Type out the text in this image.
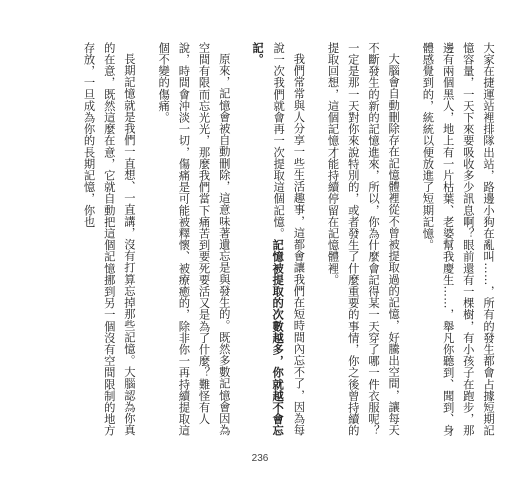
大家在捷運站裡排隊出站，路邊小狗在亂叫……，所有的發生都會占據短期記憶容量，一天下來要吸收多少訊息啊？眼前還有一棵樹，有小孩子在跑步，那邊有兩個黑人，地上有一片枯葉、老婆幫我慶生……，舉凡你聽到、聞到、身體感覺到的，統統以便放進了短期記憶。

大腦會自動刪除存在記憶體裡從不曾被提取過的記憶，好騰出空間，讓每天不斷發生的新的記憶進來，所以，你為什麼會記得某一天穿了哪一件衣服呢？一定是那一天對你來說特別的，或者發生了什麼重要的事情，你之後曾持續的提取回想，這個記憶才能持續停留在記憶體裡。

我們常常與人分享一些生活趣事，這都會讓我們在短時間內忘不了，因為每說一次我們就會再一次提取這個記憶。記憶被提取的次數越多，你就越不會忘記。

原來，記憶會被自動刪除，這意味著遺忘是與發生的。既然多數記憶會因為空間有限而忘光光，那麼我們當下痛苦到要死要活又是為了什麼？難怪有人說，時間會沖淡一切，傷痛是可能被釋懷、被療癒的，除非你一再持續提取這個不變的傷痛。

長期記憶就是我們一直想、一直講，沒有打算忘掉那些記憶。大腦認為你真的在意，既然這麼在意，它就自動把這個記憶挪到另一個沒有空間限制的地方存放，一旦成為你的長期記憶，你也

236
